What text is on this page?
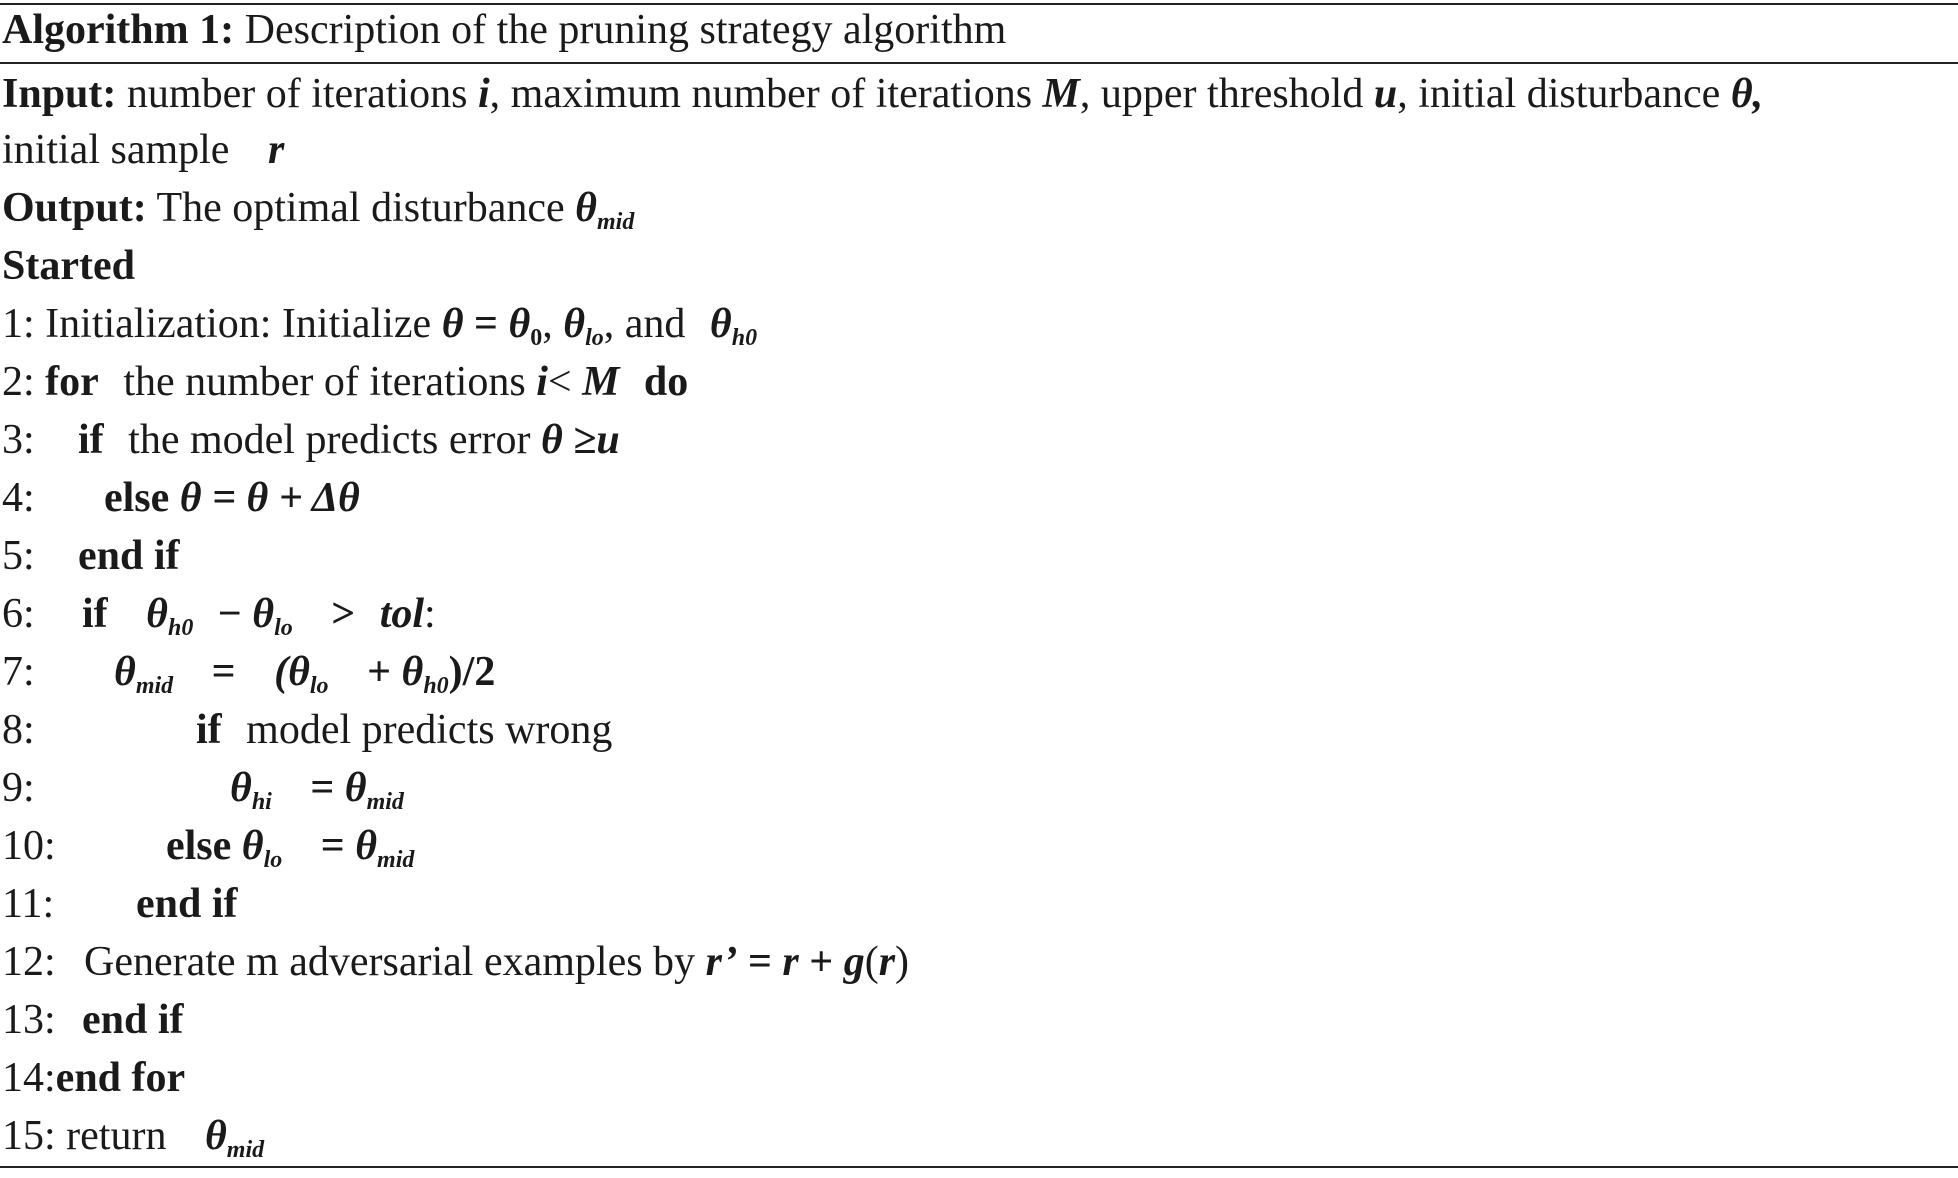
Algorithm 1: Description of the pruning strategy algorithm
Input: number of iterations i, maximum number of iterations M, upper threshold u, initial disturbance θ,
initial sample r
Output: The optimal disturbance $\theta_{mid}$
Started
1: Initialization: Initialize $\theta = \theta_0$, $\theta_{lo}$, and $\theta_{h0}$
2: for the number of iterations i< M do
3: if the model predicts error θ ≥u
4: else θ = θ + Δθ
5: end if
6: if $\theta_{h0} - \theta_{lo}$ > tol:
7: $\theta_{mid} = (\theta_{lo} + \theta_{h0})/2$
8:	if model predicts wrong
9:	$\theta_{hi} = \theta_{mid}$
10:	else $\theta_{lo} = \theta_{mid}$
11: end if
12: Generate m adversarial examples by r’ = r + g(r)
13: end if
14:end for
15: return $\theta_{mid}$
